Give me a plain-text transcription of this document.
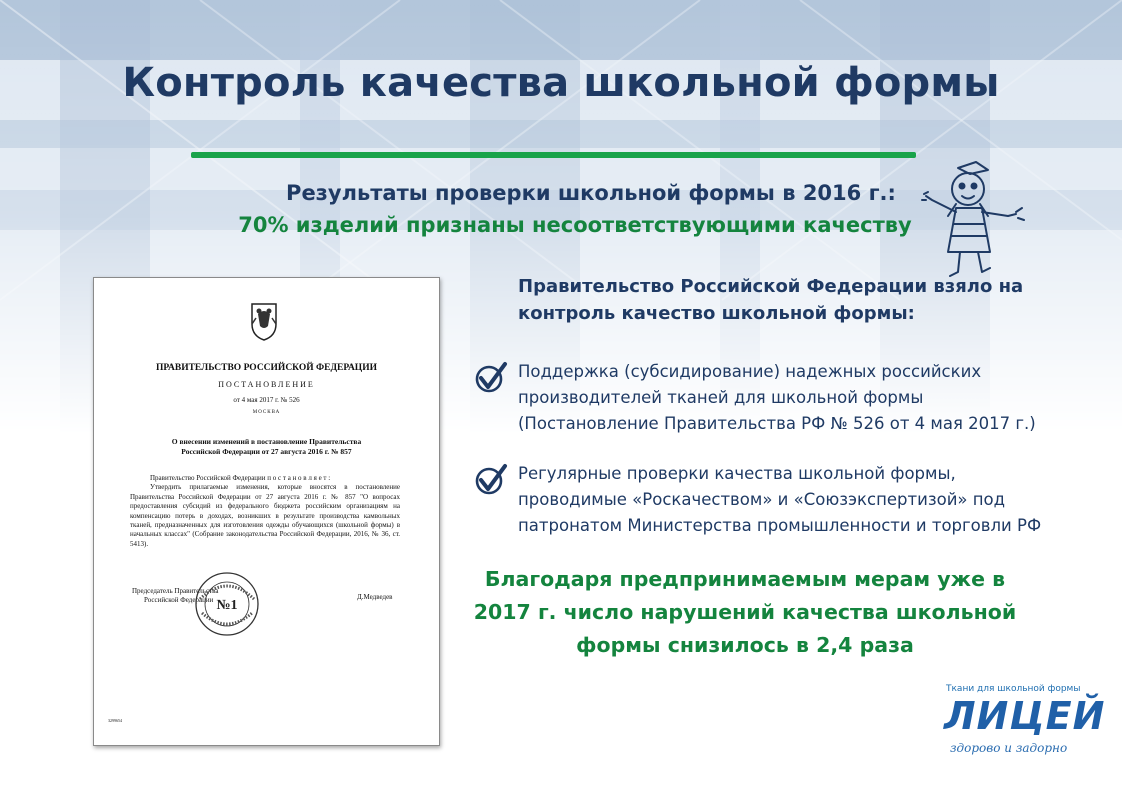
Контроль качества школьной формы
Результаты проверки школьной формы в 2016 г.:
70% изделий признаны несоответствующими качеству
ПРАВИТЕЛЬСТВО РОССИЙСКОЙ ФЕДЕРАЦИИ
ПОСТАНОВЛЕНИЕ
от 4 мая 2017 г. № 526
МОСКВА
О внесении изменений в постановление Правительства Российской Федерации от 27 августа 2016 г. № 857
Правительство Российской Федерации п о с т а н о в л я е т :
Утвердить прилагаемые изменения, которые вносятся в постановление Правительства Российской Федерации от 27 августа 2016 г. № 857 "О вопросах предоставления субсидий из федерального бюджета российским организациям на компенсацию потерь в доходах, возникших в результате производства камвольных тканей, предназначенных для изготовления одежды обучающихся (школьной формы) в начальных классах" (Собрание законодательства Российской Федерации, 2016, № 36, ст. 5413).
Председатель Правительства
Российской Федерации №1
Д.Медведев
3299654
Правительство Российской Федерации взяло на контроль качество школьной формы:
Поддержка (субсидирование) надежных российских производителей тканей для школьной формы (Постановление Правительства РФ № 526 от 4 мая 2017 г.)
Регулярные проверки качества школьной формы, проводимые «Роскачеством» и «Союзэкспертизой» под патронатом Министерства промышленности и торговли РФ
Благодаря предпринимаемым мерам уже в 2017 г. число нарушений качества школьной формы снизилось в 2,4 раза
Ткани для школьной формы
ЛИЦЕЙ
здорово и задорно
